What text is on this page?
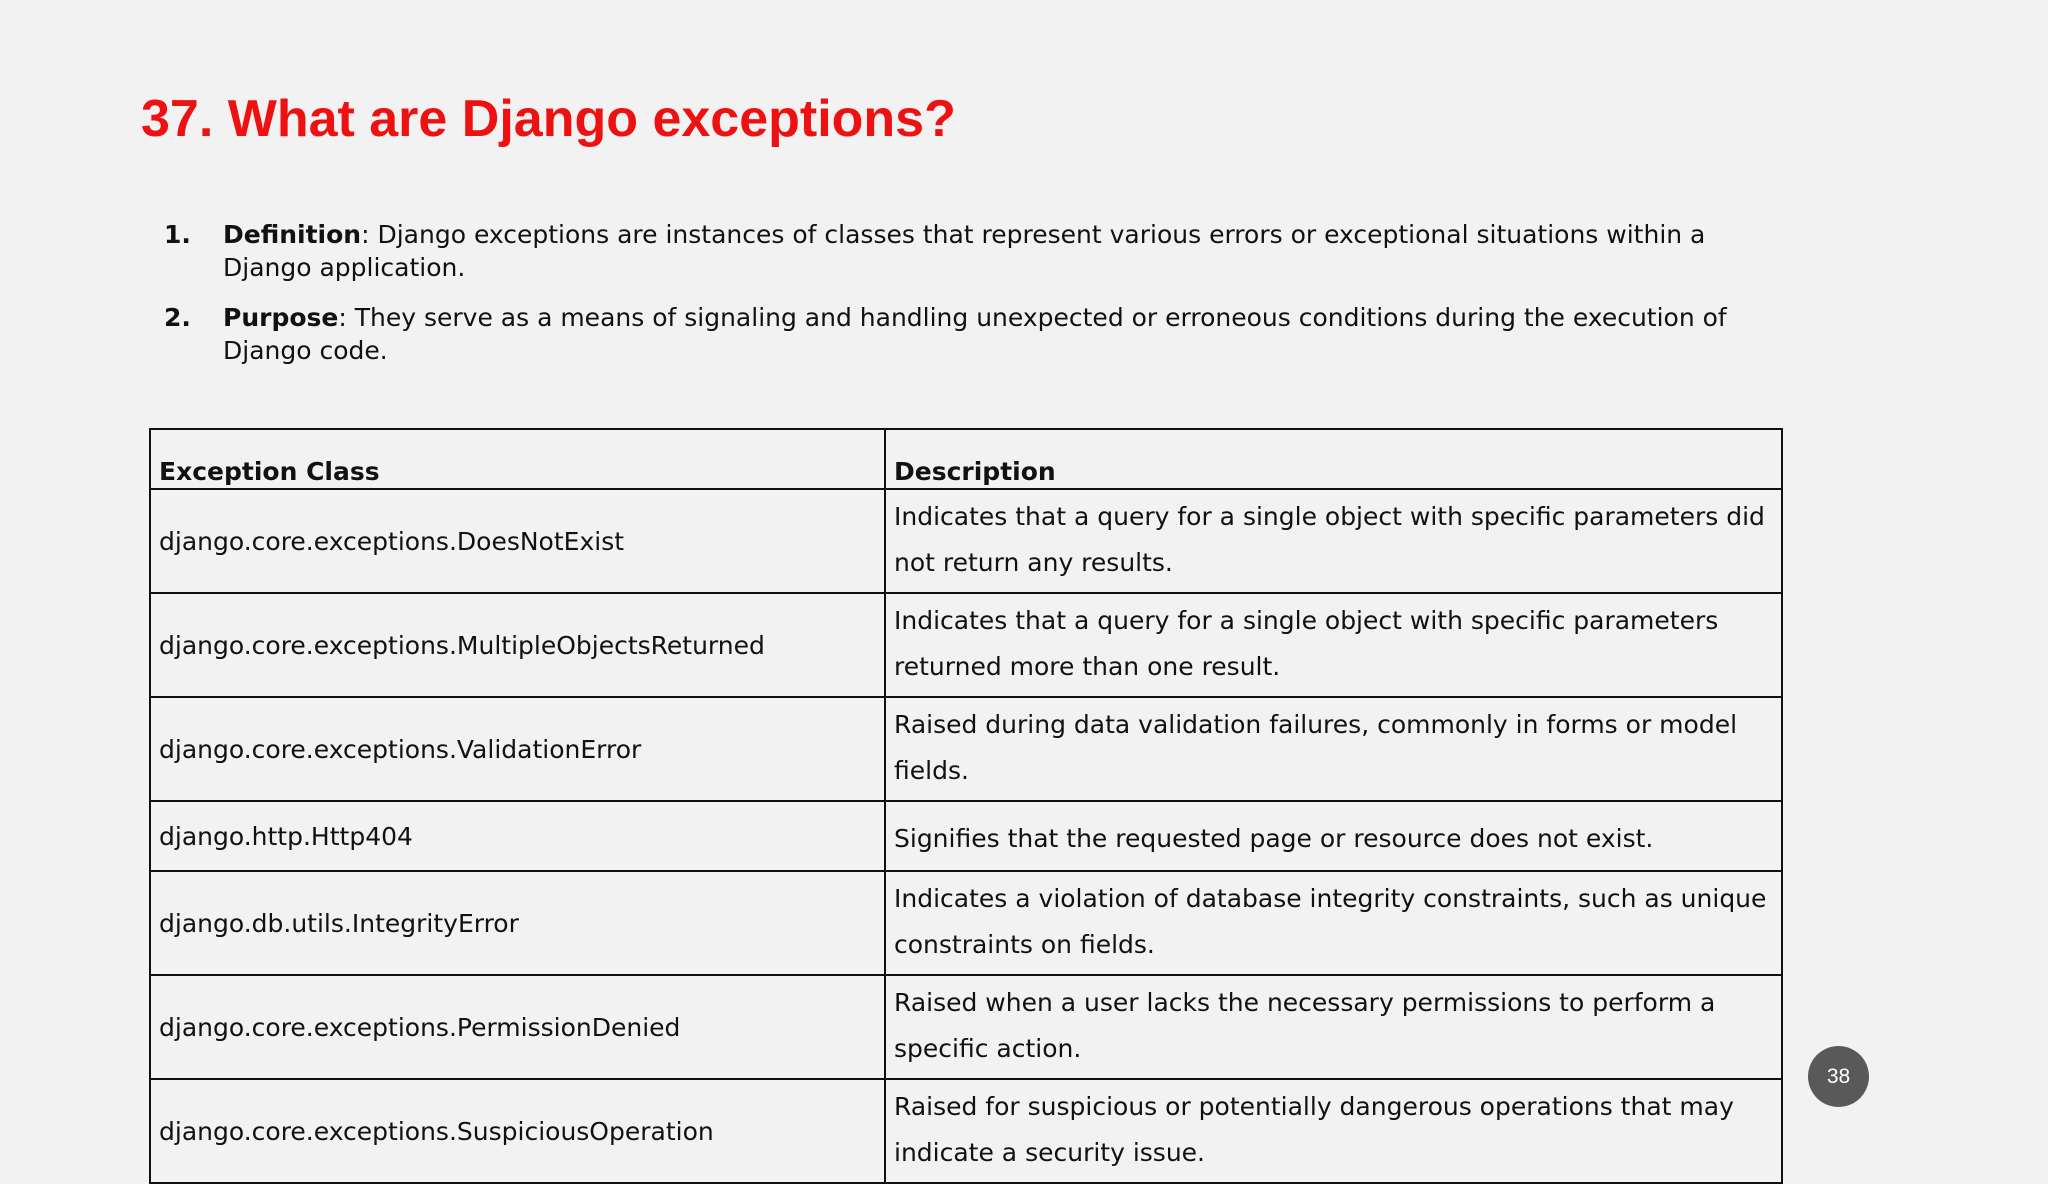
37. What are Django exceptions?
1. Definition: Django exceptions are instances of classes that represent various errors or exceptional situations within a Django application.
2. Purpose: They serve as a means of signaling and handling unexpected or erroneous conditions during the execution of Django code.
Exception Class	Description
django.core.exceptions.DoesNotExist	Indicates that a query for a single object with specific parameters did not return any results.
django.core.exceptions.MultipleObjectsReturned	Indicates that a query for a single object with specific parameters returned more than one result.
django.core.exceptions.ValidationError	Raised during data validation failures, commonly in forms or model fields.
django.http.Http404	Signifies that the requested page or resource does not exist.
django.db.utils.IntegrityError	Indicates a violation of database integrity constraints, such as unique constraints on fields.
django.core.exceptions.PermissionDenied	Raised when a user lacks the necessary permissions to perform a specific action.
django.core.exceptions.SuspiciousOperation	Raised for suspicious or potentially dangerous operations that may indicate a security issue.
38
